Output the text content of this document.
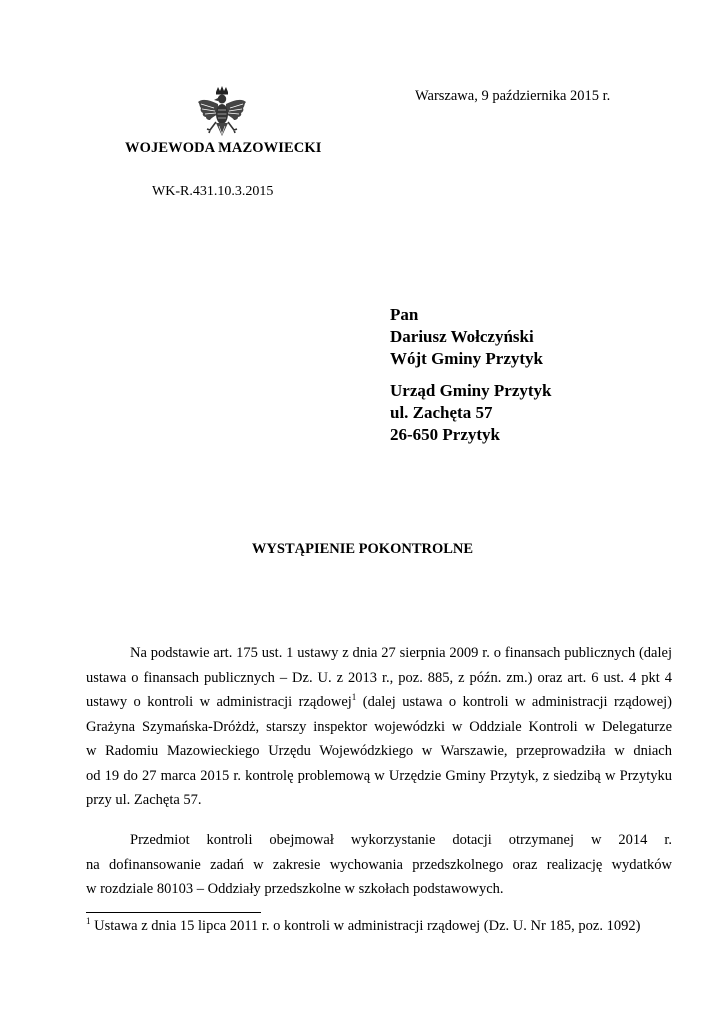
Warszawa, 9 października 2015 r.
WOJEWODA MAZOWIECKI
WK-R.431.10.3.2015
Pan
Dariusz Wołczyński
Wójt Gminy Przytyk
Urząd Gminy Przytyk
ul. Zachęta 57
26-650 Przytyk
WYSTĄPIENIE POKONTROLNE
Na podstawie art. 175 ust. 1 ustawy z dnia 27 sierpnia 2009 r. o finansach publicznych (dalej
ustawa o finansach publicznych – Dz. U. z 2013 r., poz. 885, z późn. zm.) oraz art. 6 ust. 4 pkt 4
ustawy o kontroli w administracji rządowej$^1$ (dalej ustawa o kontroli w administracji rządowej)
Grażyna Szymańska-Dróżdż, starszy inspektor wojewódzki w Oddziale Kontroli w Delegaturze
w Radomiu Mazowieckiego Urzędu Wojewódzkiego w Warszawie, przeprowadziła w dniach
od 19 do 27 marca 2015 r. kontrolę problemową w Urzędzie Gminy Przytyk, z siedzibą w Przytyku
przy ul. Zachęta 57.
Przedmiot kontroli obejmował wykorzystanie dotacji otrzymanej w 2014 r.
na dofinansowanie zadań w zakresie wychowania przedszkolnego oraz realizację wydatków
w rozdziale 80103 – Oddziały przedszkolne w szkołach podstawowych.
$^1$ Ustawa z dnia 15 lipca 2011 r. o kontroli w administracji rządowej (Dz. U. Nr 185, poz. 1092)
